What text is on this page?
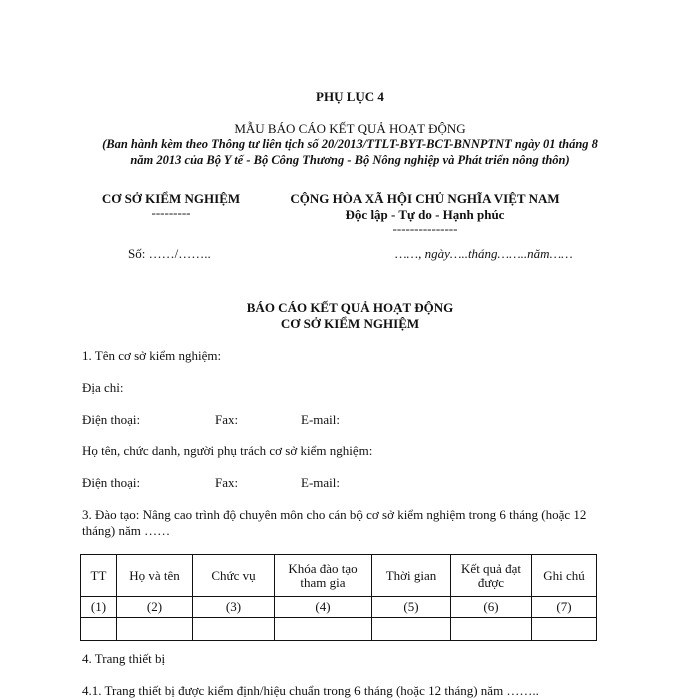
PHỤ LỤC 4
MẪU BÁO CÁO KẾT QUẢ HOẠT ĐỘNG
(Ban hành kèm theo Thông tư liên tịch số 20/2013/TTLT-BYT-BCT-BNNPTNT ngày 01 tháng 8
năm 2013 của Bộ Y tế - Bộ Công Thương - Bộ Nông nghiệp và Phát triển nông thôn)
CƠ SỞ KIỂM NGHIỆM
---------
CỘNG HÒA XÃ HỘI CHỦ NGHĨA VIỆT NAM
Độc lập - Tự do - Hạnh phúc
---------------
Số: ……/……..	……, ngày…..tháng……..năm……
BÁO CÁO KẾT QUẢ HOẠT ĐỘNG
CƠ SỞ KIỂM NGHIỆM
1. Tên cơ sở kiểm nghiệm:
Địa chỉ:
Điện thoại:	Fax:	E-mail:
Họ tên, chức danh, người phụ trách cơ sở kiểm nghiệm:
Điện thoại:	Fax:	E-mail:
3. Đào tạo: Nâng cao trình độ chuyên môn cho cán bộ cơ sở kiểm nghiệm trong 6 tháng (hoặc 12
tháng) năm ……
TT	Họ và tên	Chức vụ	Khóa đào tạo tham gia	Thời gian	Kết quả đạt được	Ghi chú
(1)	(2)	(3)	(4)	(5)	(6)	(7)

4. Trang thiết bị
4.1. Trang thiết bị được kiểm định/hiệu chuẩn trong 6 tháng (hoặc 12 tháng) năm ……..
